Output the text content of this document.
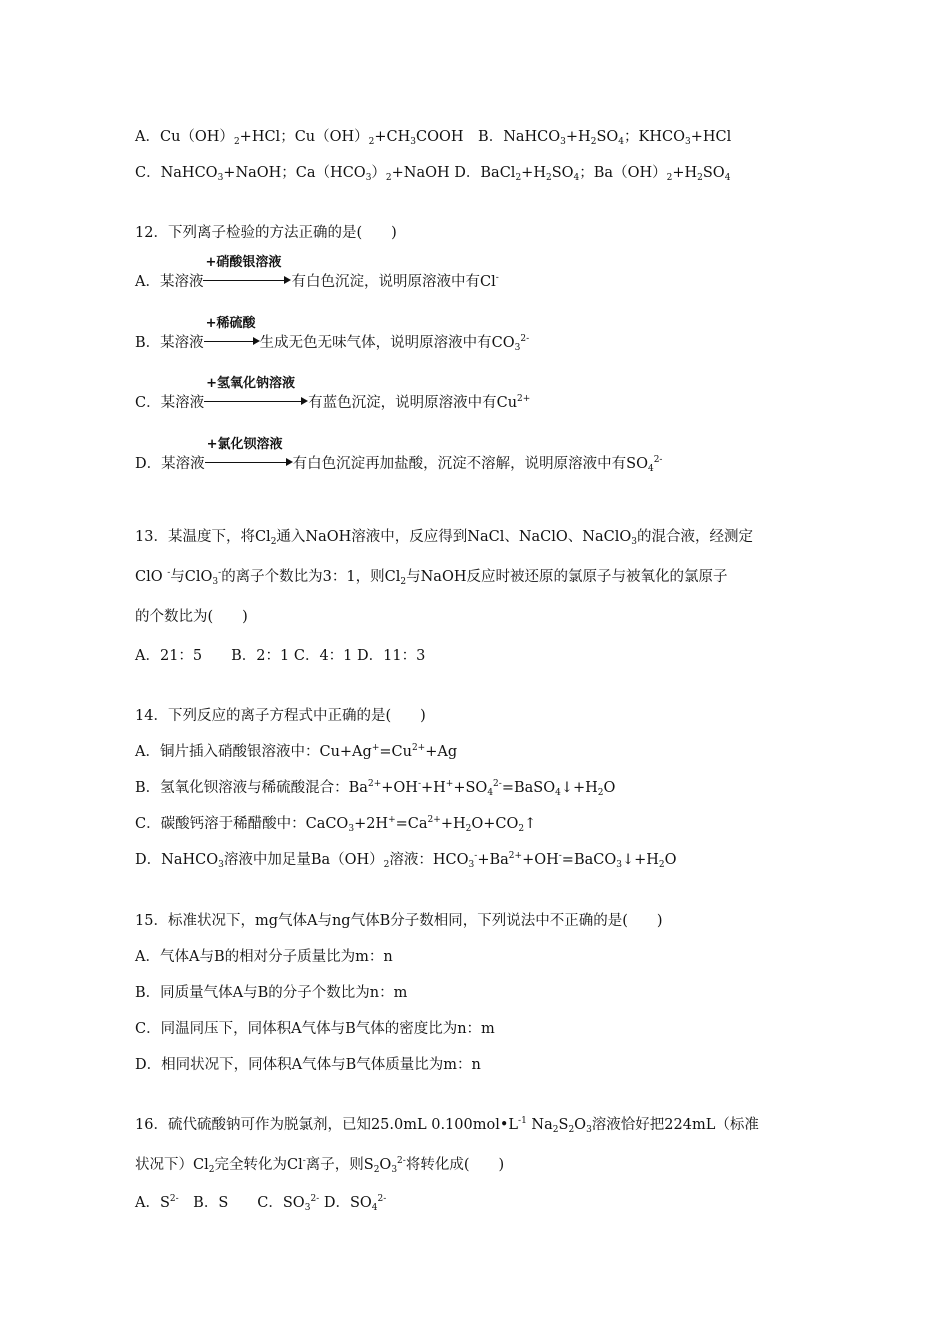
A．$Cu(OH)_2+HCl$；$Cu(OH)_2+CH_3COOH$　B．$NaHCO_3+H_2SO_4$；$KHCO_3+HCl$
C．NaHCO$_3$+NaOH；$Ca(HCO_3)_2+NaOH$ D．$BaCl_2+H_2SO_4$；$Ba(OH)_2+H_2SO_4$
12．下列离子检验的方法正确的是(　　)
A．某溶液
+硝酸银溶液
有白色沉淀，说明原溶液中有Cl-
B．某溶液
+稀硫酸
生成无色无味气体，说明原溶液中有$CO_3^{2-}$
C．某溶液
+氢氧化钠溶液
有蓝色沉淀，说明原溶液中有$Cu^{2+}$
D．某溶液
+氯化钡溶液
有白色沉淀再加盐酸，沉淀不溶解，说明原溶液中有$SO_4^{2-}$
13．某温度下，将$Cl_2$通入NaOH溶液中，反应得到NaCl、NaClO、NaClO$_3$的混合液，经测定
ClO -与ClO$_3$-的离子个数比为3：1，则$Cl_2$与NaOH反应时被还原的氯原子与被氧化的氯原子
的个数比为(　　)
A．21：5　　B．2：1 C．4：1 D．11：3
14．下列反应的离子方程式中正确的是(　　)
A．铜片插入硝酸银溶液中：$Cu+Ag^+=Cu^{2+}+Ag$
B．氢氧化钡溶液与稀硫酸混合：$Ba^{2+}+OH^-+H^++SO_4^{2-}=BaSO_4↓+H_2O$
C．碳酸钙溶于稀醋酸中：$CaCO_3+2H^+=Ca^{2+}+H_2O+CO_2↑$
D．NaHCO$_3$溶液中加足量$Ba(OH)_2$溶液：$HCO_3^-+Ba^{2+}+OH^-=BaCO_3↓+H_2O$
15．标准状况下，mg气体A与ng气体B分子数相同，下列说法中不正确的是(　　)
A．气体A与B的相对分子质量比为m：n
B．同质量气体A与B的分子个数比为n：m
C．同温同压下，同体积A气体与B气体的密度比为n：m
D．相同状况下，同体积A气体与B气体质量比为m：n
16．硫代硫酸钠可作为脱氯剂，已知25.0mL $0.100mol•L^{-1}$ $Na_2S_2O_3$溶液恰好把224mL（标准
状况下）$Cl_2$完全转化为Cl-离子，则$S_2O_3^{2-}$将转化成(　　)
A．$S^{2-}$　B．S　　C．$SO_3^{2-}$ D．$SO_4^{2-}$
